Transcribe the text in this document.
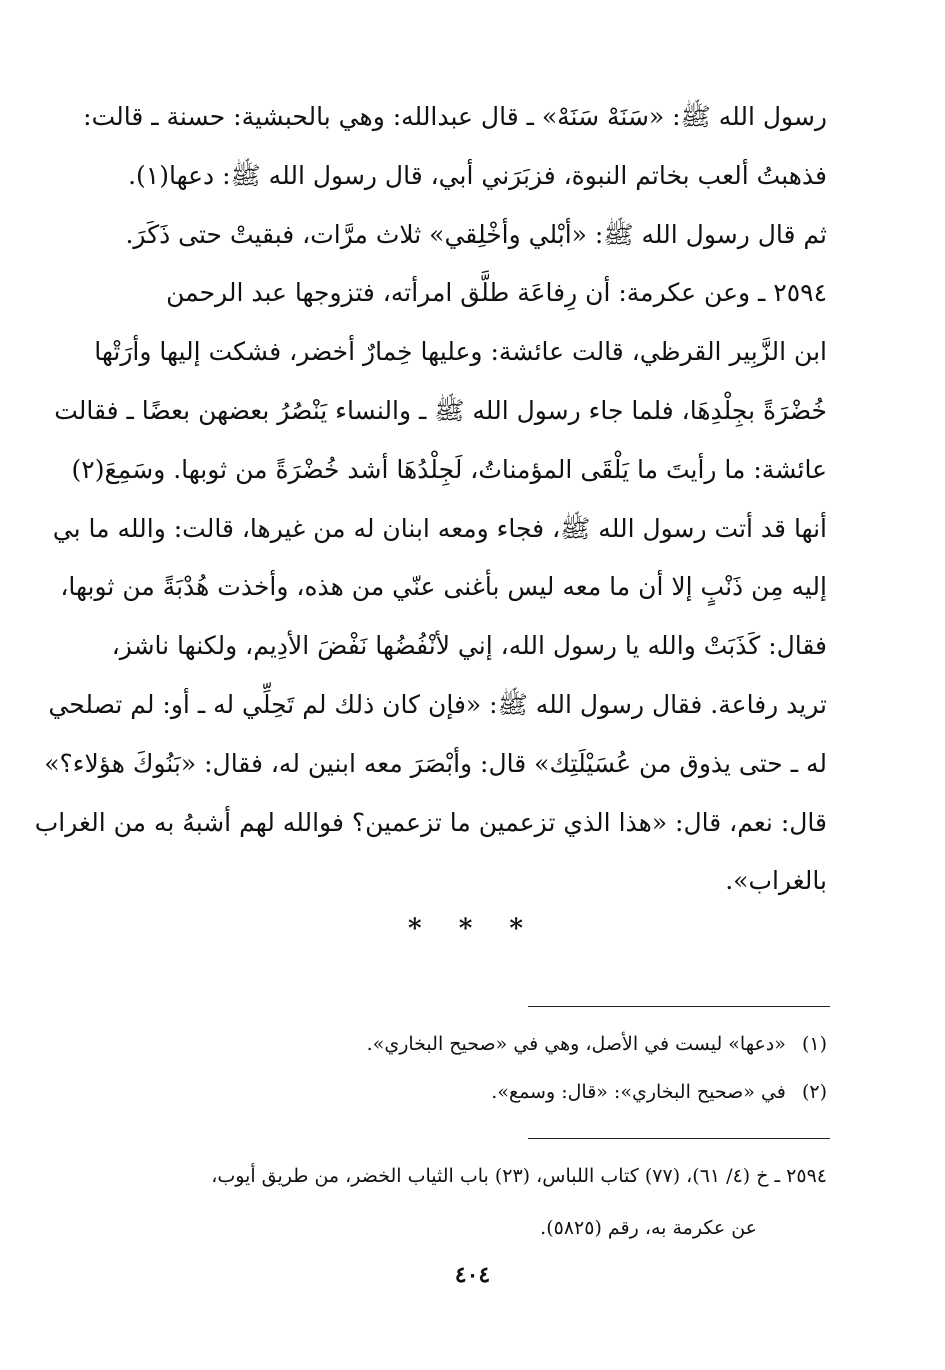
رسول الله ﷺ: «سَنَهْ سَنَهْ» ـ قال عبدالله: وهي بالحبشية: حسنة ـ قالت:
فذهبتُ ألعب بخاتم النبوة، فزبَرَني أبي، قال رسول الله ﷺ: دعها(١).
ثم قال رسول الله ﷺ: «أبْلي وأخْلِقي» ثلاث مرَّات، فبقيتْ حتى ذَكَرَ.
٢٥٩٤ ـ وعن عكرمة: أن رِفاعَة طلَّق امرأته، فتزوجها عبد الرحمن
ابن الزَّبِير القرظي، قالت عائشة: وعليها خِمارٌ أخضر، فشكت إليها وأرَتْها
خُضْرَةً بجِلْدِهَا، فلما جاء رسول الله ﷺ ـ والنساء يَنْصُرُ بعضهن بعضًا ـ فقالت
عائشة: ما رأيتَ ما يَلْقَى المؤمناتُ، لَجِلْدُهَا أشد خُضْرَةً من ثوبها. وسَمِعَ(٢)
أنها قد أتت رسول الله ﷺ، فجاء ومعه ابنان له من غيرها، قالت: والله ما بي
إليه مِن ذَنْبٍ إلا أن ما معه ليس بأغنى عنّي من هذه، وأخذت هُدْبَةً من ثوبها،
فقال: كَذَبَتْ والله يا رسول الله، إني لأنْفُضُها نَفْضَ الأدِيم، ولكنها ناشز،
تريد رفاعة. فقال رسول الله ﷺ: «فإن كان ذلك لم تَحِلِّي له ـ أو: لم تصلحي
له ـ حتى يذوق من عُسَيْلَتِك» قال: وأبْصَرَ معه ابنين له، فقال: «بَنُوكَ هؤلاء؟»
قال: نعم، قال: «هذا الذي تزعمين ما تزعمين؟ فوالله لهم أشبهُ به من الغراب
بالغراب».
* * *
(١) «دعها» ليست في الأصل، وهي في «صحيح البخاري».
(٢) في «صحيح البخاري»: «قال: وسمع».
٢٥٩٤ ـ خ (٤/ ٦١)، (٧٧) كتاب اللباس، (٢٣) باب الثياب الخضر، من طريق أيوب،
عن عكرمة به، رقم (٥٨٢٥).
٤٠٤
